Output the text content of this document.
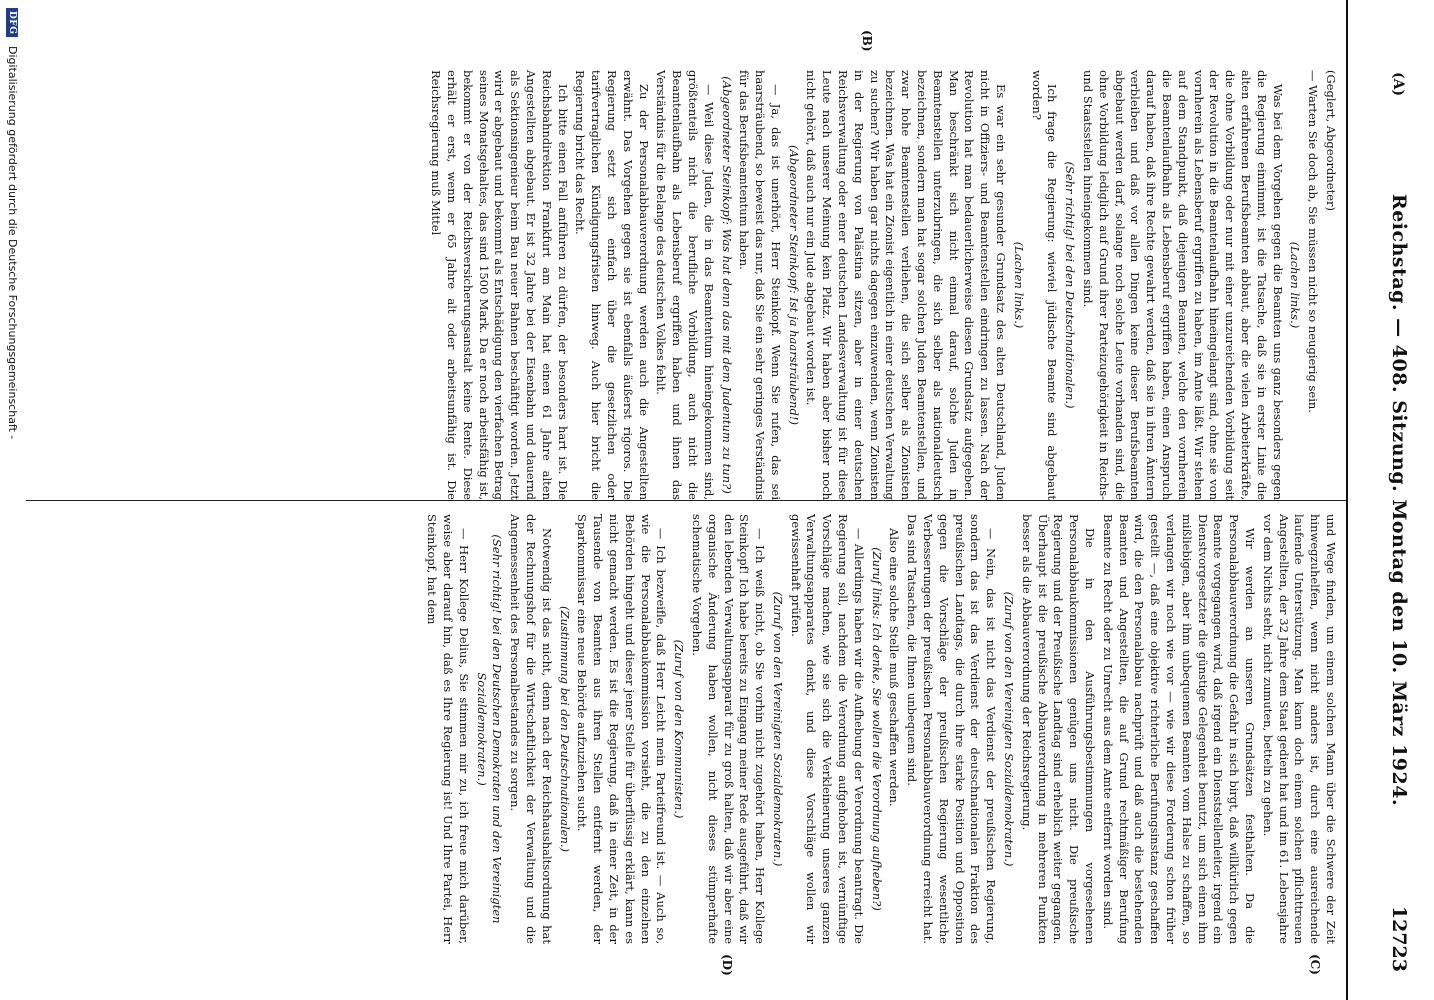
(A)
Reichstag. — 408. Sitzung. Montag den 10. März 1924.
12723
(B)
(C)
(D)

(Geglert, Abgeordneter)

— Warten Sie doch ab, Sie müssen nicht so neugierig sein.

(Lachen links.)

Was bei dem Vorgehen gegen die Beamten uns ganz besonders gegen die Regierung einnimmt, ist die Tatsache, daß sie in erster Linie die alten erfahrenen Berufsbeamten abbaut, aber die vielen Arbeiterkräfte, die ohne Vorbildung oder nur mit einer unzureichenden Vorbildung seit der Revolution in die Beamtenlaufbahn hineingelangt sind, ohne sie von vornherein als Lebensberuf ergriffen zu haben, im Amte läßt. Wir stehen auf dem Standpunkt, daß diejenigen Beamten, welche den vornherein die Beamtenlaufbahn als Lebensberuf ergriffen haben, einen Anspruch darauf haben, daß ihre Rechte gewahrt werden, daß sie in ihren Ämtern verbleiben und daß vor allen Dingen keine dieser Berufsbeamten abgebaut werden darf, solange noch solche Leute vorhanden sind, die ohne Vorbildung lediglich auf Grund ihrer Parteizugehörigkeit in Reichs- und Staatsstellen hineingekommen sind.

(Sehr richtig! bei den Deutschnationalen.)

Ich frage die Regierung: wieviel jüdische Beamte sind abgebaut worden?

(Lachen links.)

Es war ein sehr gesunder Grundsatz des alten Deutschland, Juden nicht in Offiziers- und Beamtenstellen eindringen zu lassen. Nach der Revolution hat man bedauerlicherweise diesen Grundsatz aufgegeben. Man beschränkt sich nicht einmal darauf, solche Juden in Beamtenstellen unterzubringen, die sich selber als nationaldeutsch bezeichnen, sondern man hat sogar solchen Juden Beamtenstellen, und zwar hohe Beamtenstellen verliehen, die sich selber als Zionisten bezeichnen. Was hat ein Zionist eigentlich in einer deutschen Verwaltung zu suchen? Wir haben gar nichts dagegen einzuwenden, wenn Zionisten in der Regierung von Palästina sitzen, aber in einer deutschen Reichsverwaltung oder einer deutschen Landesverwaltung ist für diese Leute nach unserer Meinung kein Platz. Wir haben aber bisher noch nicht gehört, daß auch nur ein Jude abgebaut worden ist.

(Abgeordneter Steinkopf: Ist ja haarsträubend!)

— Ja, das ist unerhört, Herr Steinkopf. Wenn Sie rufen, das sei haarsträubend, so beweist das nur, daß Sie ein sehr geringes Verständnis für das Berufsbeamtentum haben.

(Abgeordneter Steinkopf: Was hat denn das mit dem Judentum zu tun?)

— Weil diese Juden, die in das Beamtentum hineingekommen sind, größtenteils nicht die berufliche Vorbildung, auch nicht die Beamtenlaufbahn als Lebensberuf ergriffen haben und ihnen das Verständnis für die Belange des deutschen Volkes fehlt.

Zu der Personalabbauverordnung werden auch die Angestellten erwähnt. Das Vorgehen gegen sie ist ebenfalls äußerst rigoros. Die Regierung setzt sich einfach über die gesetzlichen oder tarifvertraglichen Kündigungsfristen hinweg. Auch hier bricht die Regierung bricht das Recht.

Ich bitte einen Fall anführen zu dürfen, der besonders hart ist. Die Reichsbahndirektion Frankfurt am Main hat einen 61 Jahre alten Angestellten abgebaut. Er ist 32 Jahre bei der Eisenbahn und dauernd als Sektionsingenieur beim Bau neuer Bahnen beschäftigt worden. Jetzt wird er abgebaut und bekommt als Entschädigung den vierfachen Betrag seines Monatsgehaltes, das sind 1500 Mark. Da er noch arbeitsfähig ist, bekommt er von der Reichsversicherungsanstalt keine Rente. Diese erhält er erst, wenn er 65 Jahre alt oder arbeitsunfähig ist. Die Reichsregierung muß Mittel

und Wege finden, um einem solchen Mann über die Schwere der Zeit hinwegzuhelfen, wenn nicht anders ist, durch eine ausreichende laufende Unterstützung. Man kann doch einem solchen pflichttreuen Angestellten, der 32 Jahre dem Staat gedient hat und im 61. Lebensjahre vor dem Nichts steht, nicht zumuten, betteln zu gehen.

Wir werden an unseren Grundsätzen festhalten. Da die Personalabbauverordnung die Gefahr in sich birgt, daß willkürlich gegen Beamte vorgegangen wird, daß irgend ein Dienststellenleiter, irgend ein Dienstvorgesetzter die günstige Gelegenheit benutzt, um sich einen ihm mißliebigen, aber ihm unbequemen Beamten vom Halse zu schaffen, so verlangen wir noch wie vor — wie wir diese Forderung schon früher gestellt —, daß eine objektive richterliche Berufungsinstanz geschaffen wird, die den Personalabbau nachprüft und daß auch die bestehenden Beamten und Angestellten, die auf Grund rechtmäßiger Berufung Beamte zu Recht oder zu Unrecht aus dem Amte entfernt worden sind.

Die in den Ausführungsbestimmungen vorgesehenen Personalabbaukommissionen genügen uns nicht. Die preußische Regierung und der Preußische Landtag sind erheblich weiter gegangen. Überhaupt ist die preußische Abbauverordnung in mehreren Punkten besser als die Abbauverordnung der Reichsregierung.

(Zuruf von den Vereinigten Sozialdemokraten.)

— Nein, das ist nicht das Verdienst der preußischen Regierung, sondern das ist das Verdienst der deutschnationalen Fraktion des preußischen Landtags, die durch ihre starke Position und Opposition gegen die Vorschläge der preußischen Regierung wesentliche Verbesserungen der preußischen Personalabbauverordnung erreicht hat. Das sind Tatsachen, die Ihnen unbequem sind.

Also eine solche Stelle muß geschaffen werden.

(Zuruf links: Ich denke, Sie wollen die Verordnung aufheben?)

— Allerdings haben wir die Aufhebung der Verordnung beantragt. Die Regierung soll, nachdem die Verordnung aufgehoben ist, vernünftige Vorschläge machen, wie sie sich die Verkleinerung unseres ganzen Verwaltungsapparates denkt, und diese Vorschläge wollen wir gewissenhaft prüfen.

(Zuruf von den Vereinigten Sozialdemokraten.)

— Ich weiß nicht, ob Sie vorhin nicht zugehört haben, Herr Kollege Steinkopf! Ich habe bereits zu Eingang meiner Rede ausgeführt, daß wir den lebenden Verwaltungsapparat für zu groß halten, daß wir aber eine organische Änderung haben wollen, nicht dieses stümperhafte schematische Vorgehen.

(Zuruf von den Kommunisten.)

— Ich bezweifle, daß Herr Leicht mein Parteifreund ist. — Auch so, wie die Personalabbaukommission vorsieht, die zu den einzelnen Behörden hingeht und dieser jener Stelle für überflüssig erklärt, kann es nicht gemacht werden. Es ist die Regierung, daß in einer Zeit, in der Tausende von Beamten aus ihren Stellen entfernt werden, der Sparkommissar eine neue Behörde aufzuziehen sucht.

(Zustimmung bei den Deutschnationalen.)

Notwendig ist das nicht, denn nach der Reichshaushaltsordnung hat der Rechnungshof für die Wirtschaftlichkeit der Verwaltung und die Angemessenheit des Personalbestandes zu sorgen.

(Sehr richtig! bei den Deutschen Demokraten und den Vereinigten Sozialdemokraten.)

— Herr Kollege Delius, Sie stimmen mir zu, ich freue mich darüber, weise aber darauf hin, daß es Ihre Regierung ist! Und Ihre Partei, Herr Steinkopf, hat dem

DFG
Digitalisierung gefördert durch die Deutsche Forschungsgemeinschaft -
